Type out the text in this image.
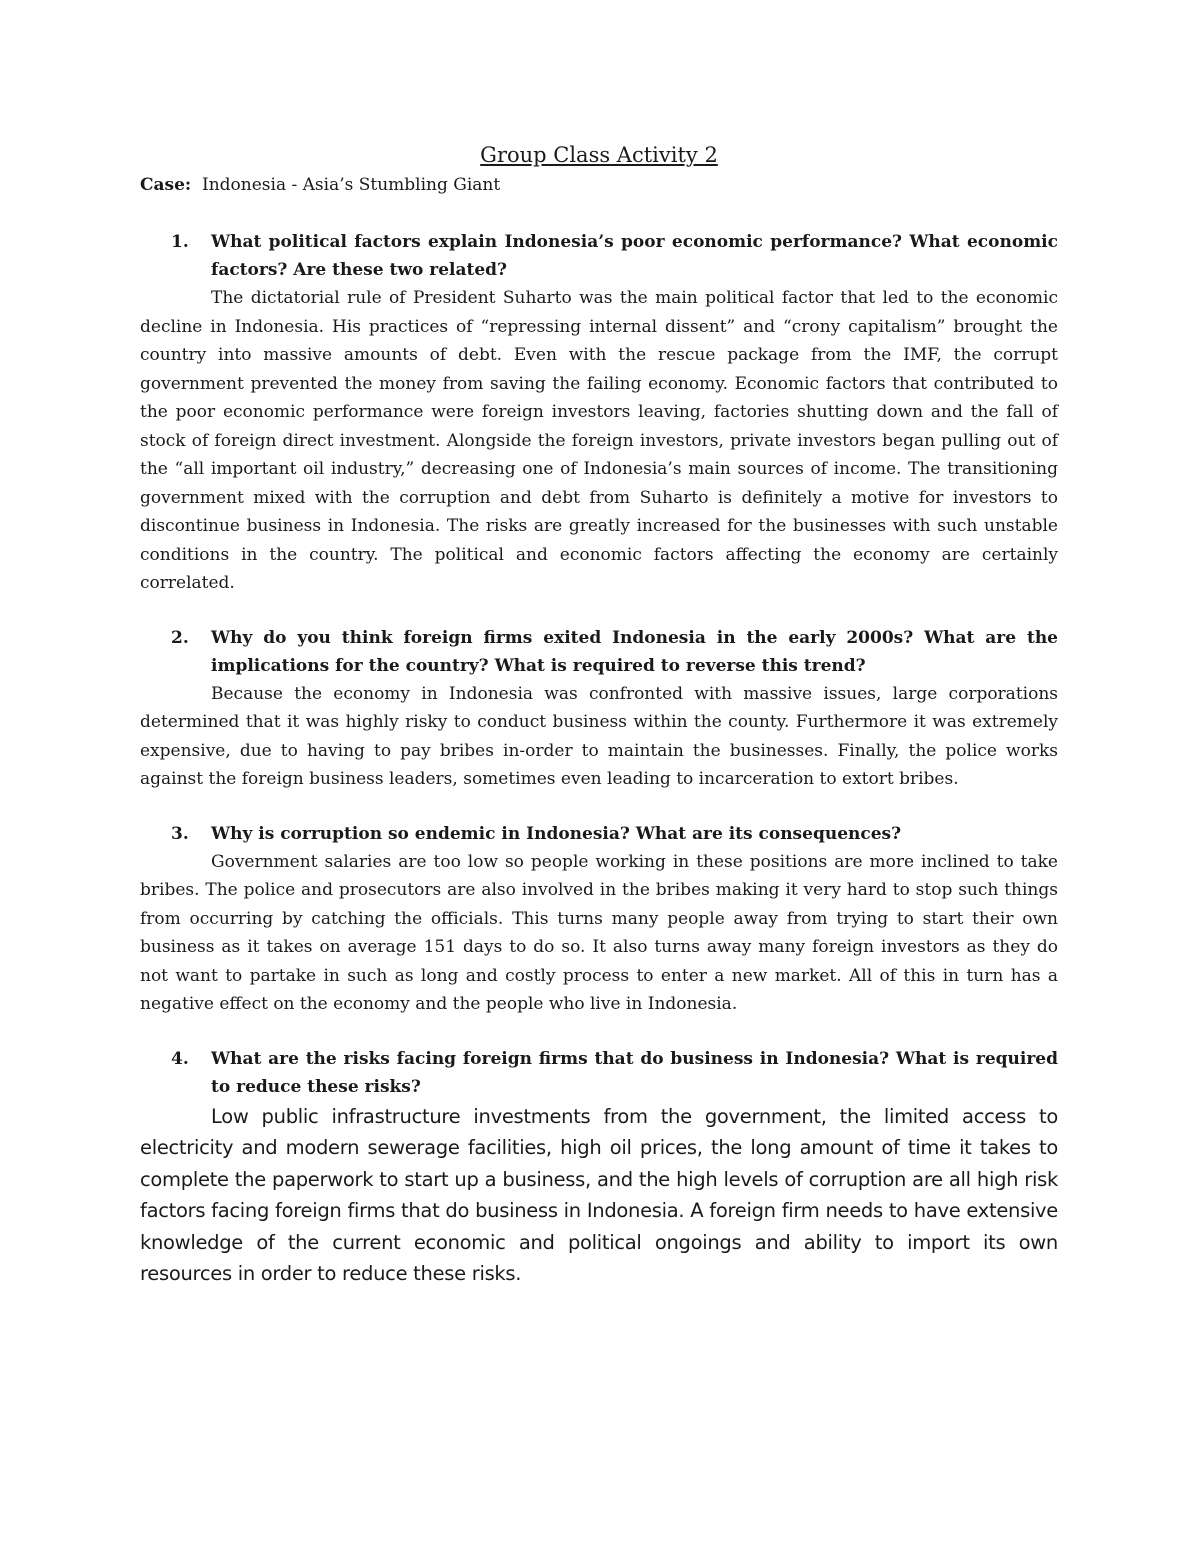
Group Class Activity 2
Case: Indonesia - Asia’s Stumbling Giant
1.	What political factors explain Indonesia’s poor economic performance? What economic factors? Are these two related?

The dictatorial rule of President Suharto was the main political factor that led to the economic decline in Indonesia. His practices of “repressing internal dissent” and “crony capitalism” brought the country into massive amounts of debt. Even with the rescue package from the IMF, the corrupt government prevented the money from saving the failing economy. Economic factors that contributed to the poor economic performance were foreign investors leaving, factories shutting down and the fall of stock of foreign direct investment. Alongside the foreign investors, private investors began pulling out of the “all important oil industry,” decreasing one of Indonesia’s main sources of income. The transitioning government mixed with the corruption and debt from Suharto is definitely a motive for investors to discontinue business in Indonesia. The risks are greatly increased for the businesses with such unstable conditions in the country. The political and economic factors affecting the economy are certainly correlated.

2.	Why do you think foreign firms exited Indonesia in the early 2000s? What are the implications for the country? What is required to reverse this trend?

Because the economy in Indonesia was confronted with massive issues, large corporations determined that it was highly risky to conduct business within the county. Furthermore it was extremely expensive, due to having to pay bribes in-order to maintain the businesses. Finally, the police works against the foreign business leaders, sometimes even leading to incarceration to extort bribes.

3.	Why is corruption so endemic in Indonesia? What are its consequences?

Government salaries are too low so people working in these positions are more inclined to take bribes. The police and prosecutors are also involved in the bribes making it very hard to stop such things from occurring by catching the officials. This turns many people away from trying to start their own business as it takes on average 151 days to do so. It also turns away many foreign investors as they do not want to partake in such as long and costly process to enter a new market. All of this in turn has a negative effect on the economy and the people who live in Indonesia.

4.	What are the risks facing foreign firms that do business in Indonesia? What is required to reduce these risks?

Low public infrastructure investments from the government, the limited access to electricity and modern sewerage facilities, high oil prices, the long amount of time it takes to complete the paperwork to start up a business, and the high levels of corruption are all high risk factors facing foreign firms that do business in Indonesia. A foreign firm needs to have extensive knowledge of the current economic and political ongoings and ability to import its own resources in order to reduce these risks.
